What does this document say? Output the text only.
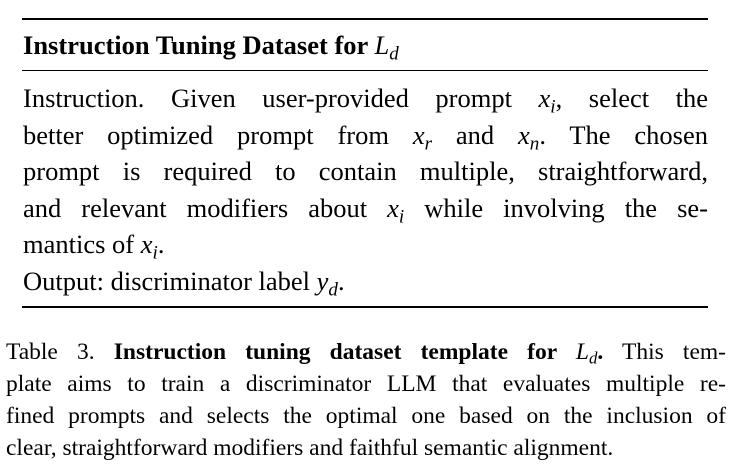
Instruction Tuning Dataset for $L_d$
Instruction. Given user-provided prompt $x_i$, select the
better optimized prompt from $x_r$ and $x_n$. The chosen
prompt is required to contain multiple, straightforward,
and relevant modifiers about $x_i$ while involving the se-
mantics of $x_i$.
Output: discriminator label $y_d$.
Table 3. Instruction tuning dataset template for $L_d$. This tem-
plate aims to train a discriminator LLM that evaluates multiple re-
fined prompts and selects the optimal one based on the inclusion of
clear, straightforward modifiers and faithful semantic alignment.
